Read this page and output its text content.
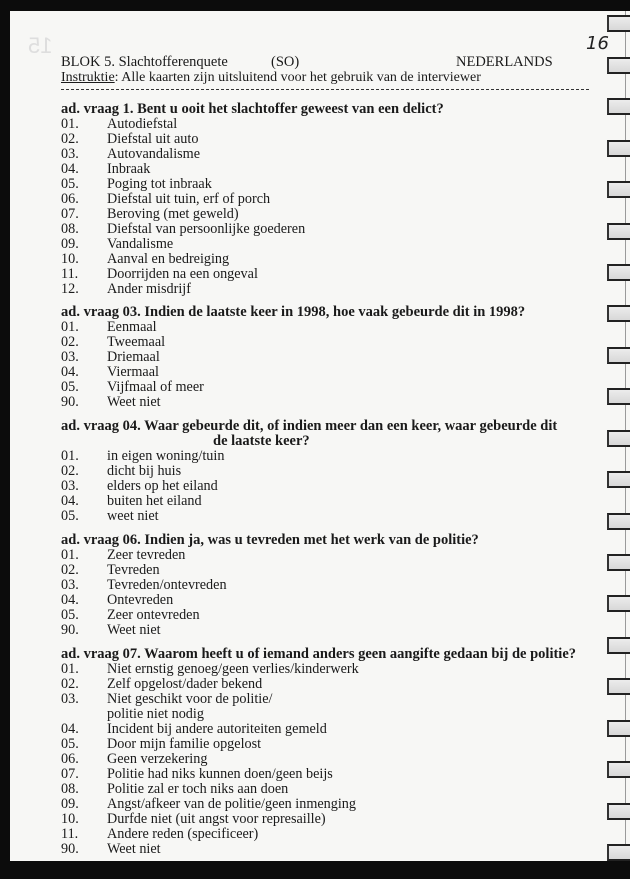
15	16
BLOK 5. Slachtofferenquete	(SO)	NEDERLANDS
Instruktie: Alle kaarten zijn uitsluitend voor het gebruik van de interviewer
ad. vraag 1. Bent u ooit het slachtoffer geweest van een delict?
01. Autodiefstal
02. Diefstal uit auto
03. Autovandalisme
04. Inbraak
05. Poging tot inbraak
06. Diefstal uit tuin, erf of porch
07. Beroving (met geweld)
08. Diefstal van persoonlijke goederen
09. Vandalisme
10. Aanval en bedreiging
11. Doorrijden na een ongeval
12. Ander misdrijf
ad. vraag 03. Indien de laatste keer in 1998, hoe vaak gebeurde dit in 1998?
01. Eenmaal
02. Tweemaal
03. Driemaal
04. Viermaal
05. Vijfmaal of meer
90. Weet niet
ad. vraag 04. Waar gebeurde dit, of indien meer dan een keer, waar gebeurde dit
de laatste keer?
01. in eigen woning/tuin
02. dicht bij huis
03. elders op het eiland
04. buiten het eiland
05. weet niet
ad. vraag 06. Indien ja, was u tevreden met het werk van de politie?
01. Zeer tevreden
02. Tevreden
03. Tevreden/ontevreden
04. Ontevreden
05. Zeer ontevreden
90. Weet niet
ad. vraag 07. Waarom heeft u of iemand anders geen aangifte gedaan bij de politie?
01. Niet ernstig genoeg/geen verlies/kinderwerk
02. Zelf opgelost/dader bekend
03. Niet geschikt voor de politie/
politie niet nodig
04. Incident bij andere autoriteiten gemeld
05. Door mijn familie opgelost
06. Geen verzekering
07. Politie had niks kunnen doen/geen beijs
08. Politie zal er toch niks aan doen
09. Angst/afkeer van de politie/geen inmenging
10. Durfde niet (uit angst voor represaille)
11. Andere reden (specificeer)
90. Weet niet
